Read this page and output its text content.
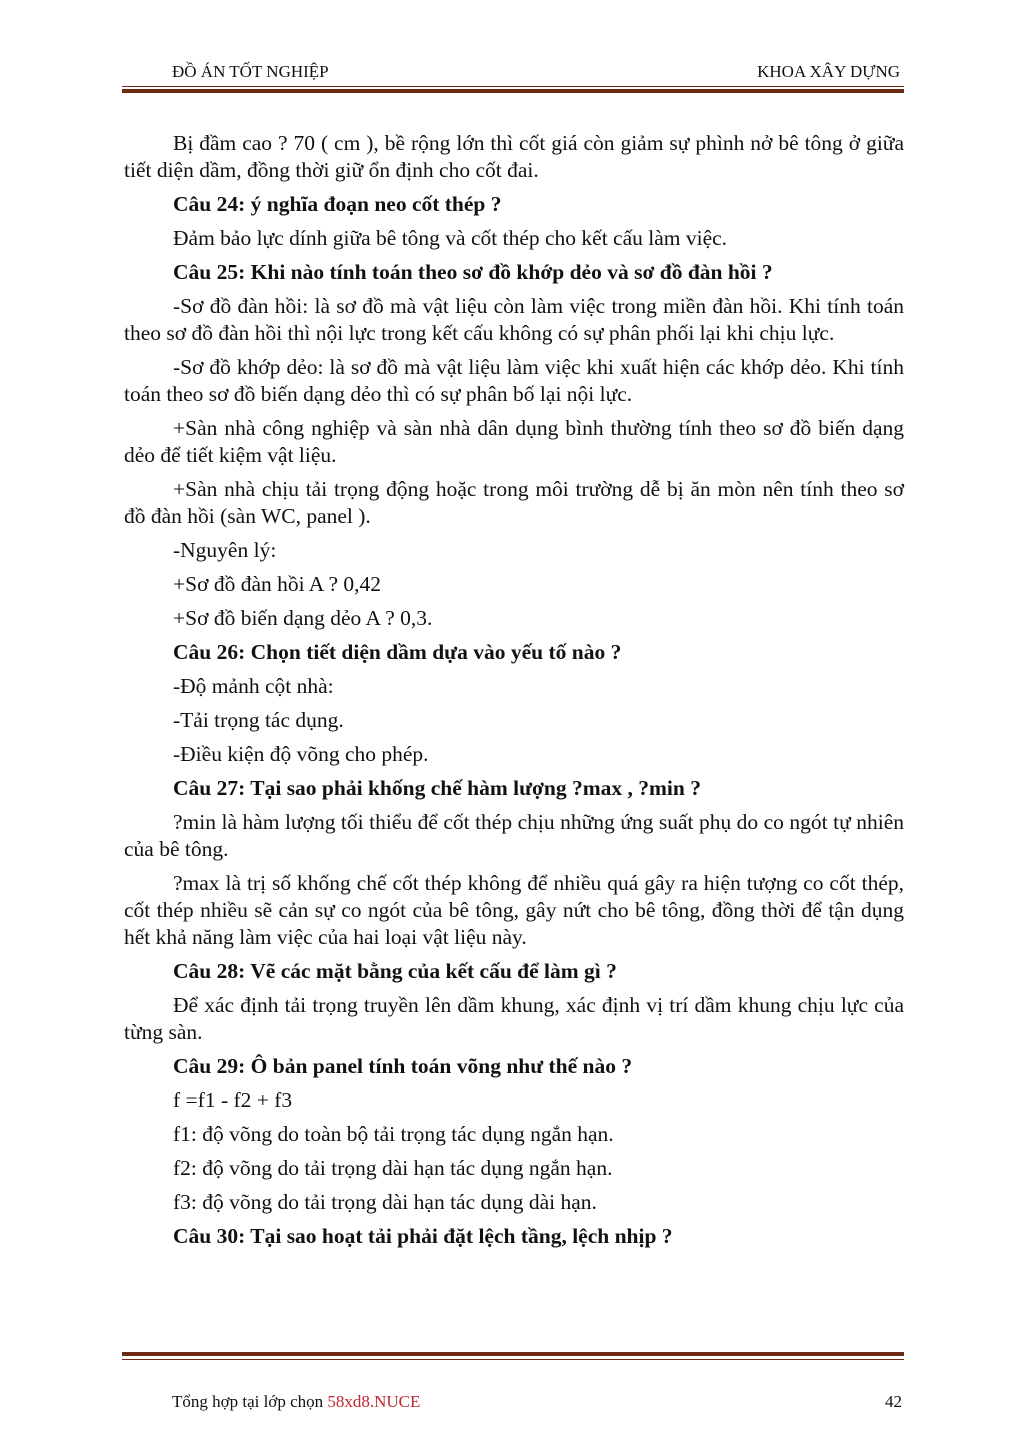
ĐỒ ÁN TỐT NGHIỆP	KHOA XÂY DỰNG

Bị đầm cao ? 70 ( cm ), bề rộng lớn thì cốt giá còn giảm sự phình nở bê tông ở giữa tiết diện dầm, đồng thời giữ ổn định cho cốt đai.

Câu 24: ý nghĩa đoạn neo cốt thép ?

Đảm bảo lực dính giữa bê tông và cốt thép cho kết cấu làm việc.

Câu 25: Khi nào tính toán theo sơ đồ khớp dẻo và sơ đồ đàn hồi ?

-Sơ đồ đàn hồi: là sơ đồ mà vật liệu còn làm việc trong miền đàn hồi. Khi tính toán theo sơ đồ đàn hồi thì nội lực trong kết cấu không có sự phân phối lại khi chịu lực.

-Sơ đồ khớp dẻo: là sơ đồ mà vật liệu làm việc khi xuất hiện các khớp dẻo. Khi tính toán theo sơ đồ biến dạng dẻo thì có sự phân bố lại nội lực.

+Sàn nhà công nghiệp và sàn nhà dân dụng bình thường tính theo sơ đồ biến dạng dẻo để tiết kiệm vật liệu.

+Sàn nhà chịu tải trọng động hoặc trong môi trường dễ bị ăn mòn nên tính theo sơ đồ đàn hồi (sàn WC, panel ).

-Nguyên lý:

+Sơ đồ đàn hồi A ? 0,42

+Sơ đồ biến dạng dẻo A ? 0,3.

Câu 26: Chọn tiết diện dầm dựa vào yếu tố nào ?

-Độ mảnh cột nhà:

-Tải trọng tác dụng.

-Điều kiện độ võng cho phép.

Câu 27: Tại sao phải khống chế hàm lượng ?max , ?min ?

?min là hàm lượng tối thiểu để cốt thép chịu những ứng suất phụ do co ngót tự nhiên của bê tông.

?max là trị số khống chế cốt thép không để nhiều quá gây ra hiện tượng co cốt thép, cốt thép nhiều sẽ cản sự co ngót của bê tông, gây nứt cho bê tông, đồng thời để tận dụng hết khả năng làm việc của hai loại vật liệu này.

Câu 28: Vẽ các mặt bằng của kết cấu để làm gì ?

Để xác định tải trọng truyền lên dầm khung, xác định vị trí dầm khung chịu lực của từng sàn.

Câu 29: Ô bản panel tính toán võng như thế nào ?

f =f1 - f2 + f3

f1: độ võng do toàn bộ tải trọng tác dụng ngắn hạn.

f2: độ võng do tải trọng dài hạn tác dụng ngắn hạn.

f3: độ võng do tải trọng dài hạn tác dụng dài hạn.

Câu 30: Tại sao hoạt tải phải đặt lệch tầng, lệch nhịp ?

Tổng hợp tại lớp chọn 58xd8.NUCE	42
